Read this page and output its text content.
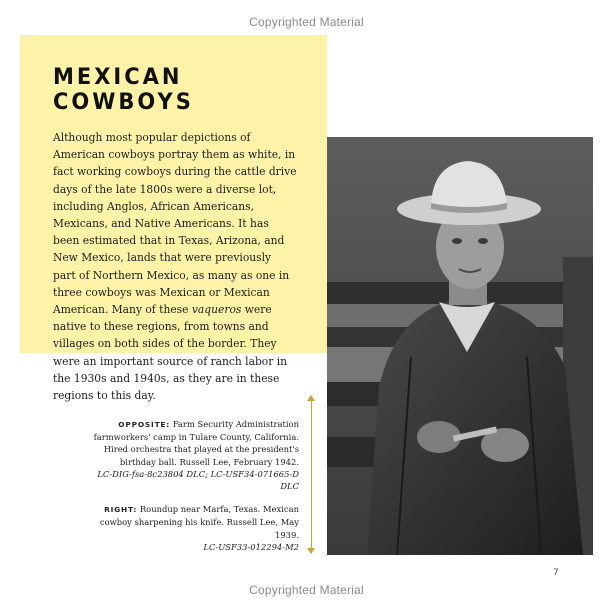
Copyrighted Material
MEXICAN COWBOYS

Although most popular depictions of American cowboys portray them as white, in fact working cowboys during the cattle drive days of the late 1800s were a diverse lot, including Anglos, African Americans, Mexicans, and Native Americans. It has been estimated that in Texas, Arizona, and New Mexico, lands that were previously part of Northern Mexico, as many as one in three cowboys was Mexican or Mexican American. Many of these vaqueros were native to these regions, from towns and villages on both sides of the border. They were an important source of ranch labor in the 1930s and 1940s, as they are in these regions to this day.

OPPOSITE: Farm Security Administration farmworkers' camp in Tulare County, California. Hired orchestra that played at the president's birthday ball. Russell Lee, February 1942.
LC-DIG-fsa-8c23804 DLC; LC-USF34-071665-D DLC

RIGHT: Roundup near Marfa, Texas. Mexican cowboy sharpening his knife. Russell Lee, May 1939.
LC-USF33-012294-M2

7
Copyrighted Material
